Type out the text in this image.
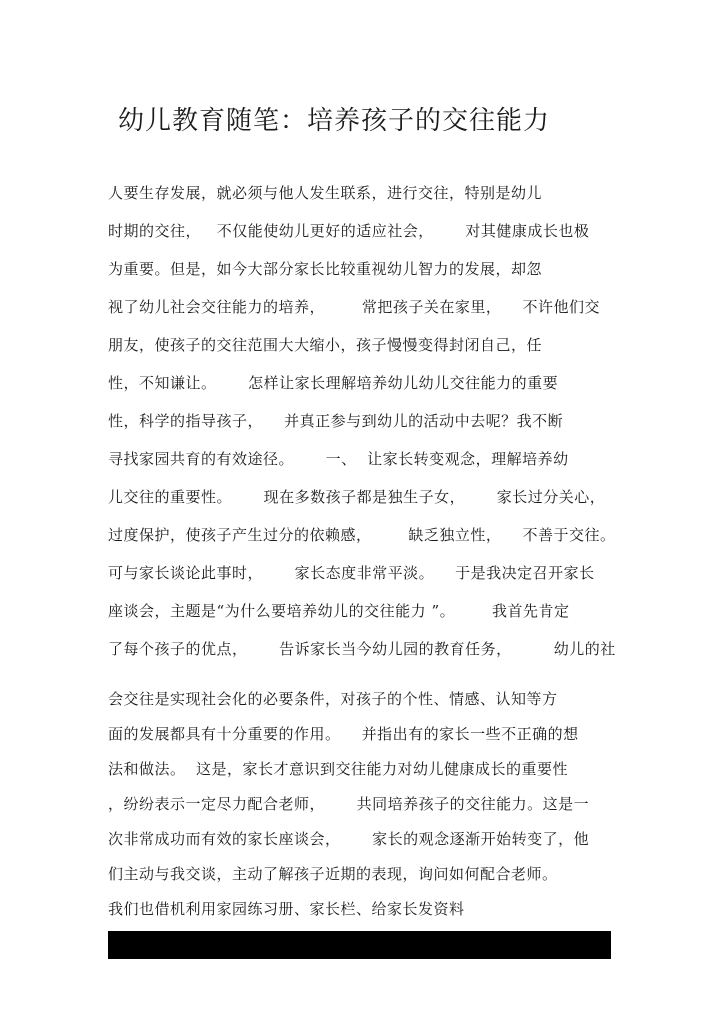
幼儿教育随笔：培养孩子的交往能力
人要生存发展，就必须与他人发生联系，进行交往，特别是幼儿
时期的交往，   不仅能使幼儿更好的适应社会，      对其健康成长也极
为重要。但是，如今大部分家长比较重视幼儿智力的发展，却忽
视了幼儿社会交往能力的培养，       常把孩子关在家里，    不许他们交
朋友，使孩子的交往范围大大缩小，孩子慢慢变得封闭自己，任
性，不知谦让。      怎样让家长理解培养幼儿幼儿交往能力的重要
性，科学的指导孩子，    并真正参与到幼儿的活动中去呢？我不断
寻找家园共育的有效途径。      一、  让家长转变观念，理解培养幼
儿交往的重要性。      现在多数孩子都是独生子女，      家长过分关心，
过度保护，使孩子产生过分的依赖感，       缺乏独立性，    不善于交往。
可与家长谈论此事时，      家长态度非常平淡。    于是我决定召开家长
座谈会，主题是“为什么要培养幼儿的交往能力 ”。       我首先肯定
了每个孩子的优点，      告诉家长当今幼儿园的教育任务，        幼儿的社
会交往是实现社会化的必要条件，对孩子的个性、情感、认知等方
面的发展都具有十分重要的作用。    并指出有的家长一些不正确的想
法和做法。  这是，家长才意识到交往能力对幼儿健康成长的重要性
，纷纷表示一定尽力配合老师，      共同培养孩子的交往能力。这是一
次非常成功而有效的家长座谈会，      家长的观念逐渐开始转变了，他
们主动与我交谈，主动了解孩子近期的表现，询问如何配合老师。
我们也借机利用家园练习册、家长栏、给家长发资料
